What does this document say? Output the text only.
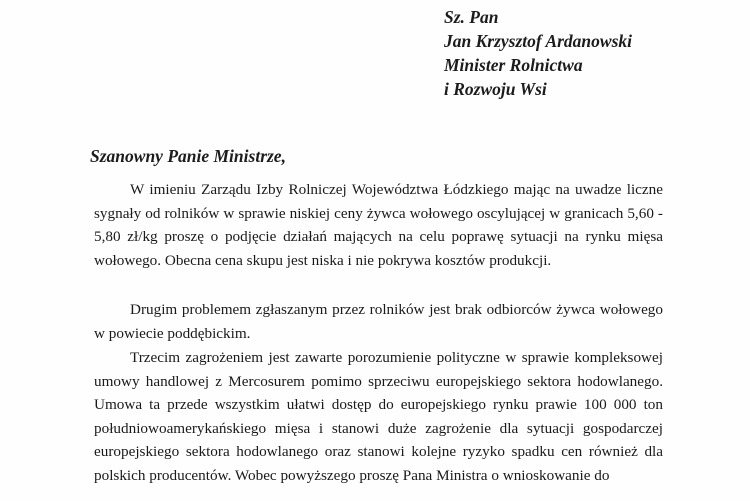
Sz. Pan
Jan Krzysztof Ardanowski
Minister Rolnictwa
i Rozwoju Wsi
Szanowny Panie Ministrze,

W imieniu Zarządu Izby Rolniczej Województwa Łódzkiego mając na uwadze liczne sygnały od rolników w sprawie niskiej ceny żywca wołowego oscylującej w granicach 5,60 - 5,80 zł/kg proszę o podjęcie działań mających na celu poprawę sytuacji na rynku mięsa wołowego. Obecna cena skupu jest niska i nie pokrywa kosztów produkcji.

Drugim problemem zgłaszanym przez rolników jest brak odbiorców żywca wołowego w powiecie poddębickim.

Trzecim zagrożeniem jest zawarte porozumienie polityczne w sprawie kompleksowej umowy handlowej z Mercosurem pomimo sprzeciwu europejskiego sektora hodowlanego. Umowa ta przede wszystkim ułatwi dostęp do europejskiego rynku prawie 100 000 ton południowoamerykańskiego mięsa i stanowi duże zagrożenie dla sytuacji gospodarczej europejskiego sektora hodowlanego oraz stanowi kolejne ryzyko spadku cen również dla polskich producentów. Wobec powyższego proszę Pana Ministra o wnioskowanie do
